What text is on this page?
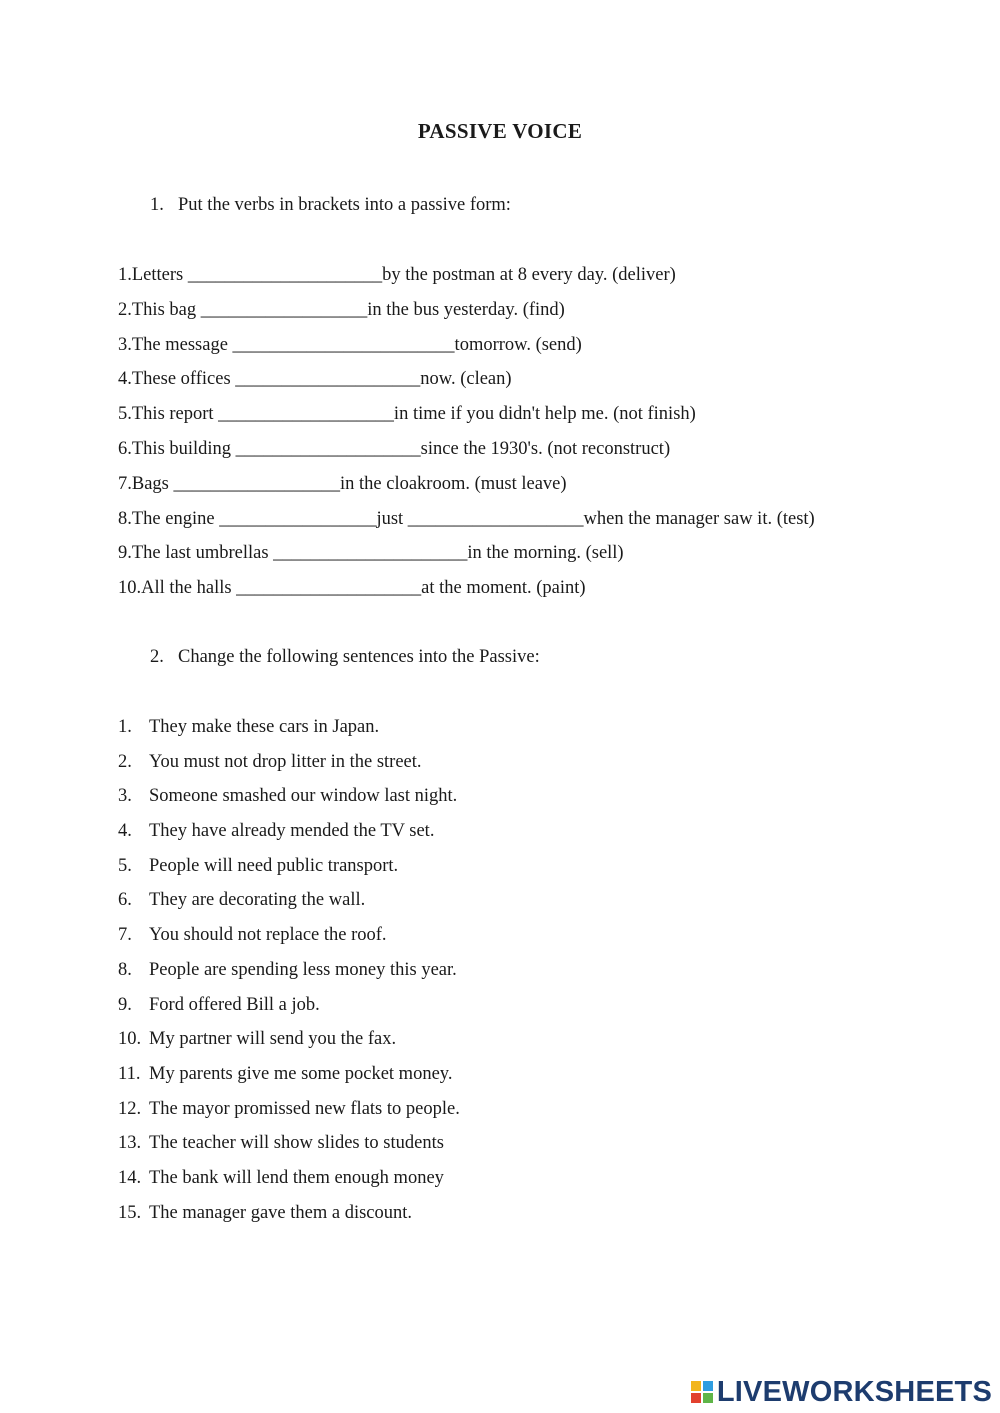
PASSIVE VOICE
1. Put the verbs in brackets into a passive form:
1.Letters _____________________by the postman at 8 every day. (deliver)
2.This bag __________________in the bus yesterday. (find)
3.The message ________________________tomorrow. (send)
4.These offices ____________________now. (clean)
5.This report ___________________in time if you didn't help me. (not finish)
6.This building ____________________since the 1930's. (not reconstruct)
7.Bags __________________in the cloakroom. (must leave)
8.The engine _________________just ___________________when the manager saw it. (test)
9.The last umbrellas _____________________in the morning. (sell)
10.All the halls ____________________at the moment. (paint)
2. Change the following sentences into the Passive:
1. They make these cars in Japan.
2. You must not drop litter in the street.
3. Someone smashed our window last night.
4. They have already mended the TV set.
5. People will need public transport.
6. They are decorating the wall.
7. You should not replace the roof.
8. People are spending less money this year.
9. Ford offered Bill a job.
10. My partner will send you the fax.
11. My parents give me some pocket money.
12. The mayor promissed new flats to people.
13. The teacher will show slides to students
14. The bank will lend them enough money
15. The manager gave them a discount.
LIVEWORKSHEETS
